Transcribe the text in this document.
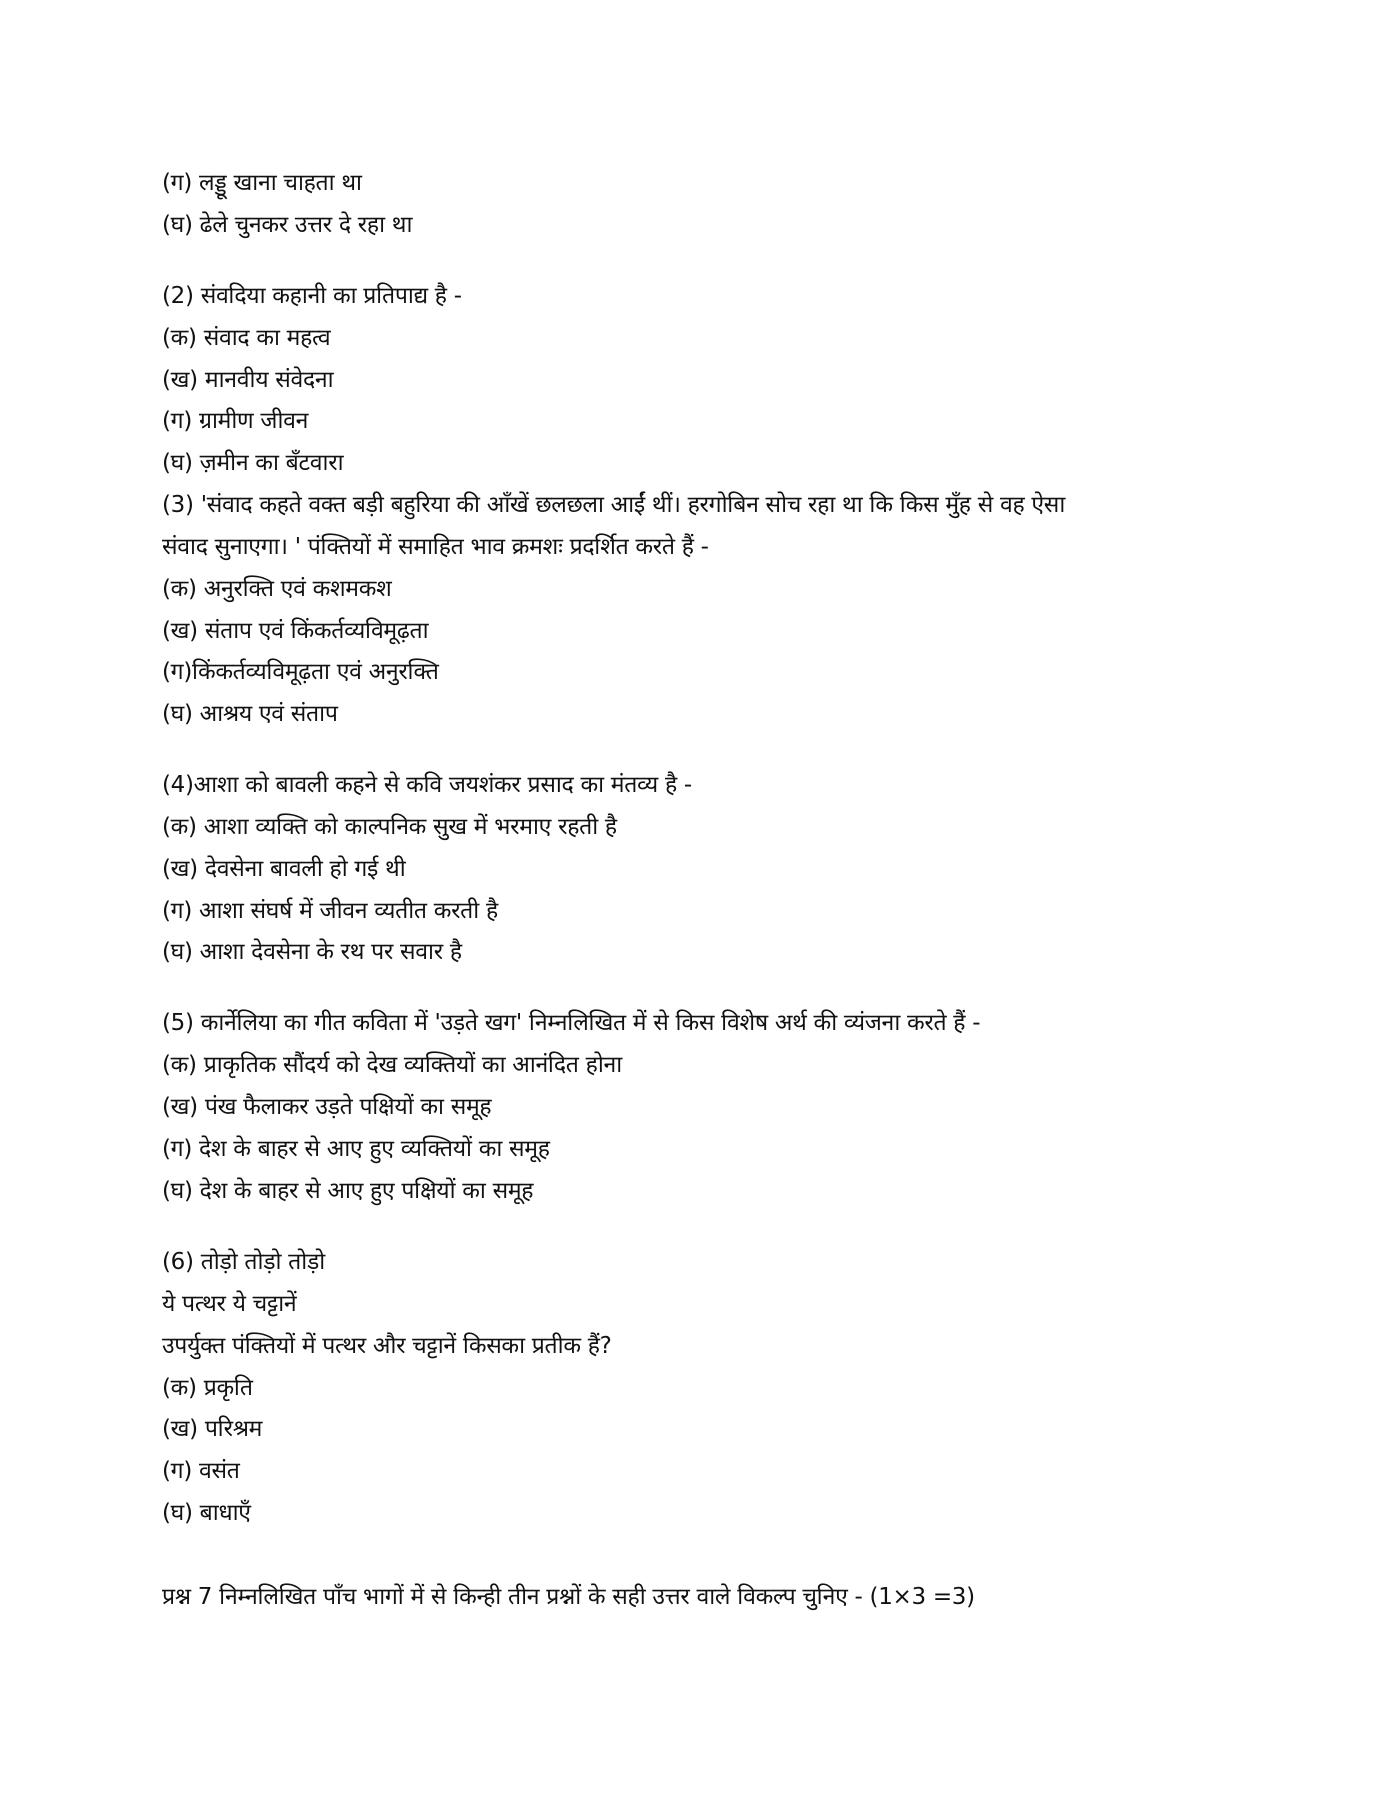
(ग) लड्डू खाना चाहता था
(घ) ढेले चुनकर उत्तर दे रहा था
(2) संवदिया कहानी का प्रतिपाद्य है -
(क) संवाद का महत्व
(ख) मानवीय संवेदना
(ग) ग्रामीण जीवन
(घ) ज़मीन का बँटवारा
(3) 'संवाद कहते वक्त बड़ी बहुरिया की आँखें छलछला आईं थीं। हरगोबिन सोच रहा था कि किस मुँह से वह ऐसा
संवाद सुनाएगा। ' पंक्तियों में समाहित भाव क्रमशः प्रदर्शित करते हैं -
(क) अनुरक्ति एवं कशमकश
(ख) संताप एवं किंकर्तव्यविमूढ़ता
(ग)किंकर्तव्यविमूढ़ता एवं अनुरक्ति
(घ) आश्रय एवं संताप
(4)आशा को बावली कहने से कवि जयशंकर प्रसाद का मंतव्य है -
(क) आशा व्यक्ति को काल्पनिक सुख में भरमाए रहती है
(ख) देवसेना बावली हो गई थी
(ग) आशा संघर्ष में जीवन व्यतीत करती है
(घ) आशा देवसेना के रथ पर सवार है
(5) कार्नेलिया का गीत कविता में 'उड़ते खग' निम्नलिखित में से किस विशेष अर्थ की व्यंजना करते हैं -
(क) प्राकृतिक सौंदर्य को देख व्यक्तियों का आनंदित होना
(ख) पंख फैलाकर उड़ते पक्षियों का समूह
(ग) देश के बाहर से आए हुए व्यक्तियों का समूह
(घ) देश के बाहर से आए हुए पक्षियों का समूह
(6) तोड़ो तोड़ो तोड़ो
ये पत्थर ये चट्टानें
उपर्युक्त पंक्तियों में पत्थर और चट्टानें किसका प्रतीक हैं?
(क) प्रकृति
(ख) परिश्रम
(ग) वसंत
(घ) बाधाएँ
प्रश्न 7 निम्नलिखित पाँच भागों में से किन्ही तीन प्रश्नों के सही उत्तर वाले विकल्प चुनिए - (1×3 =3)
